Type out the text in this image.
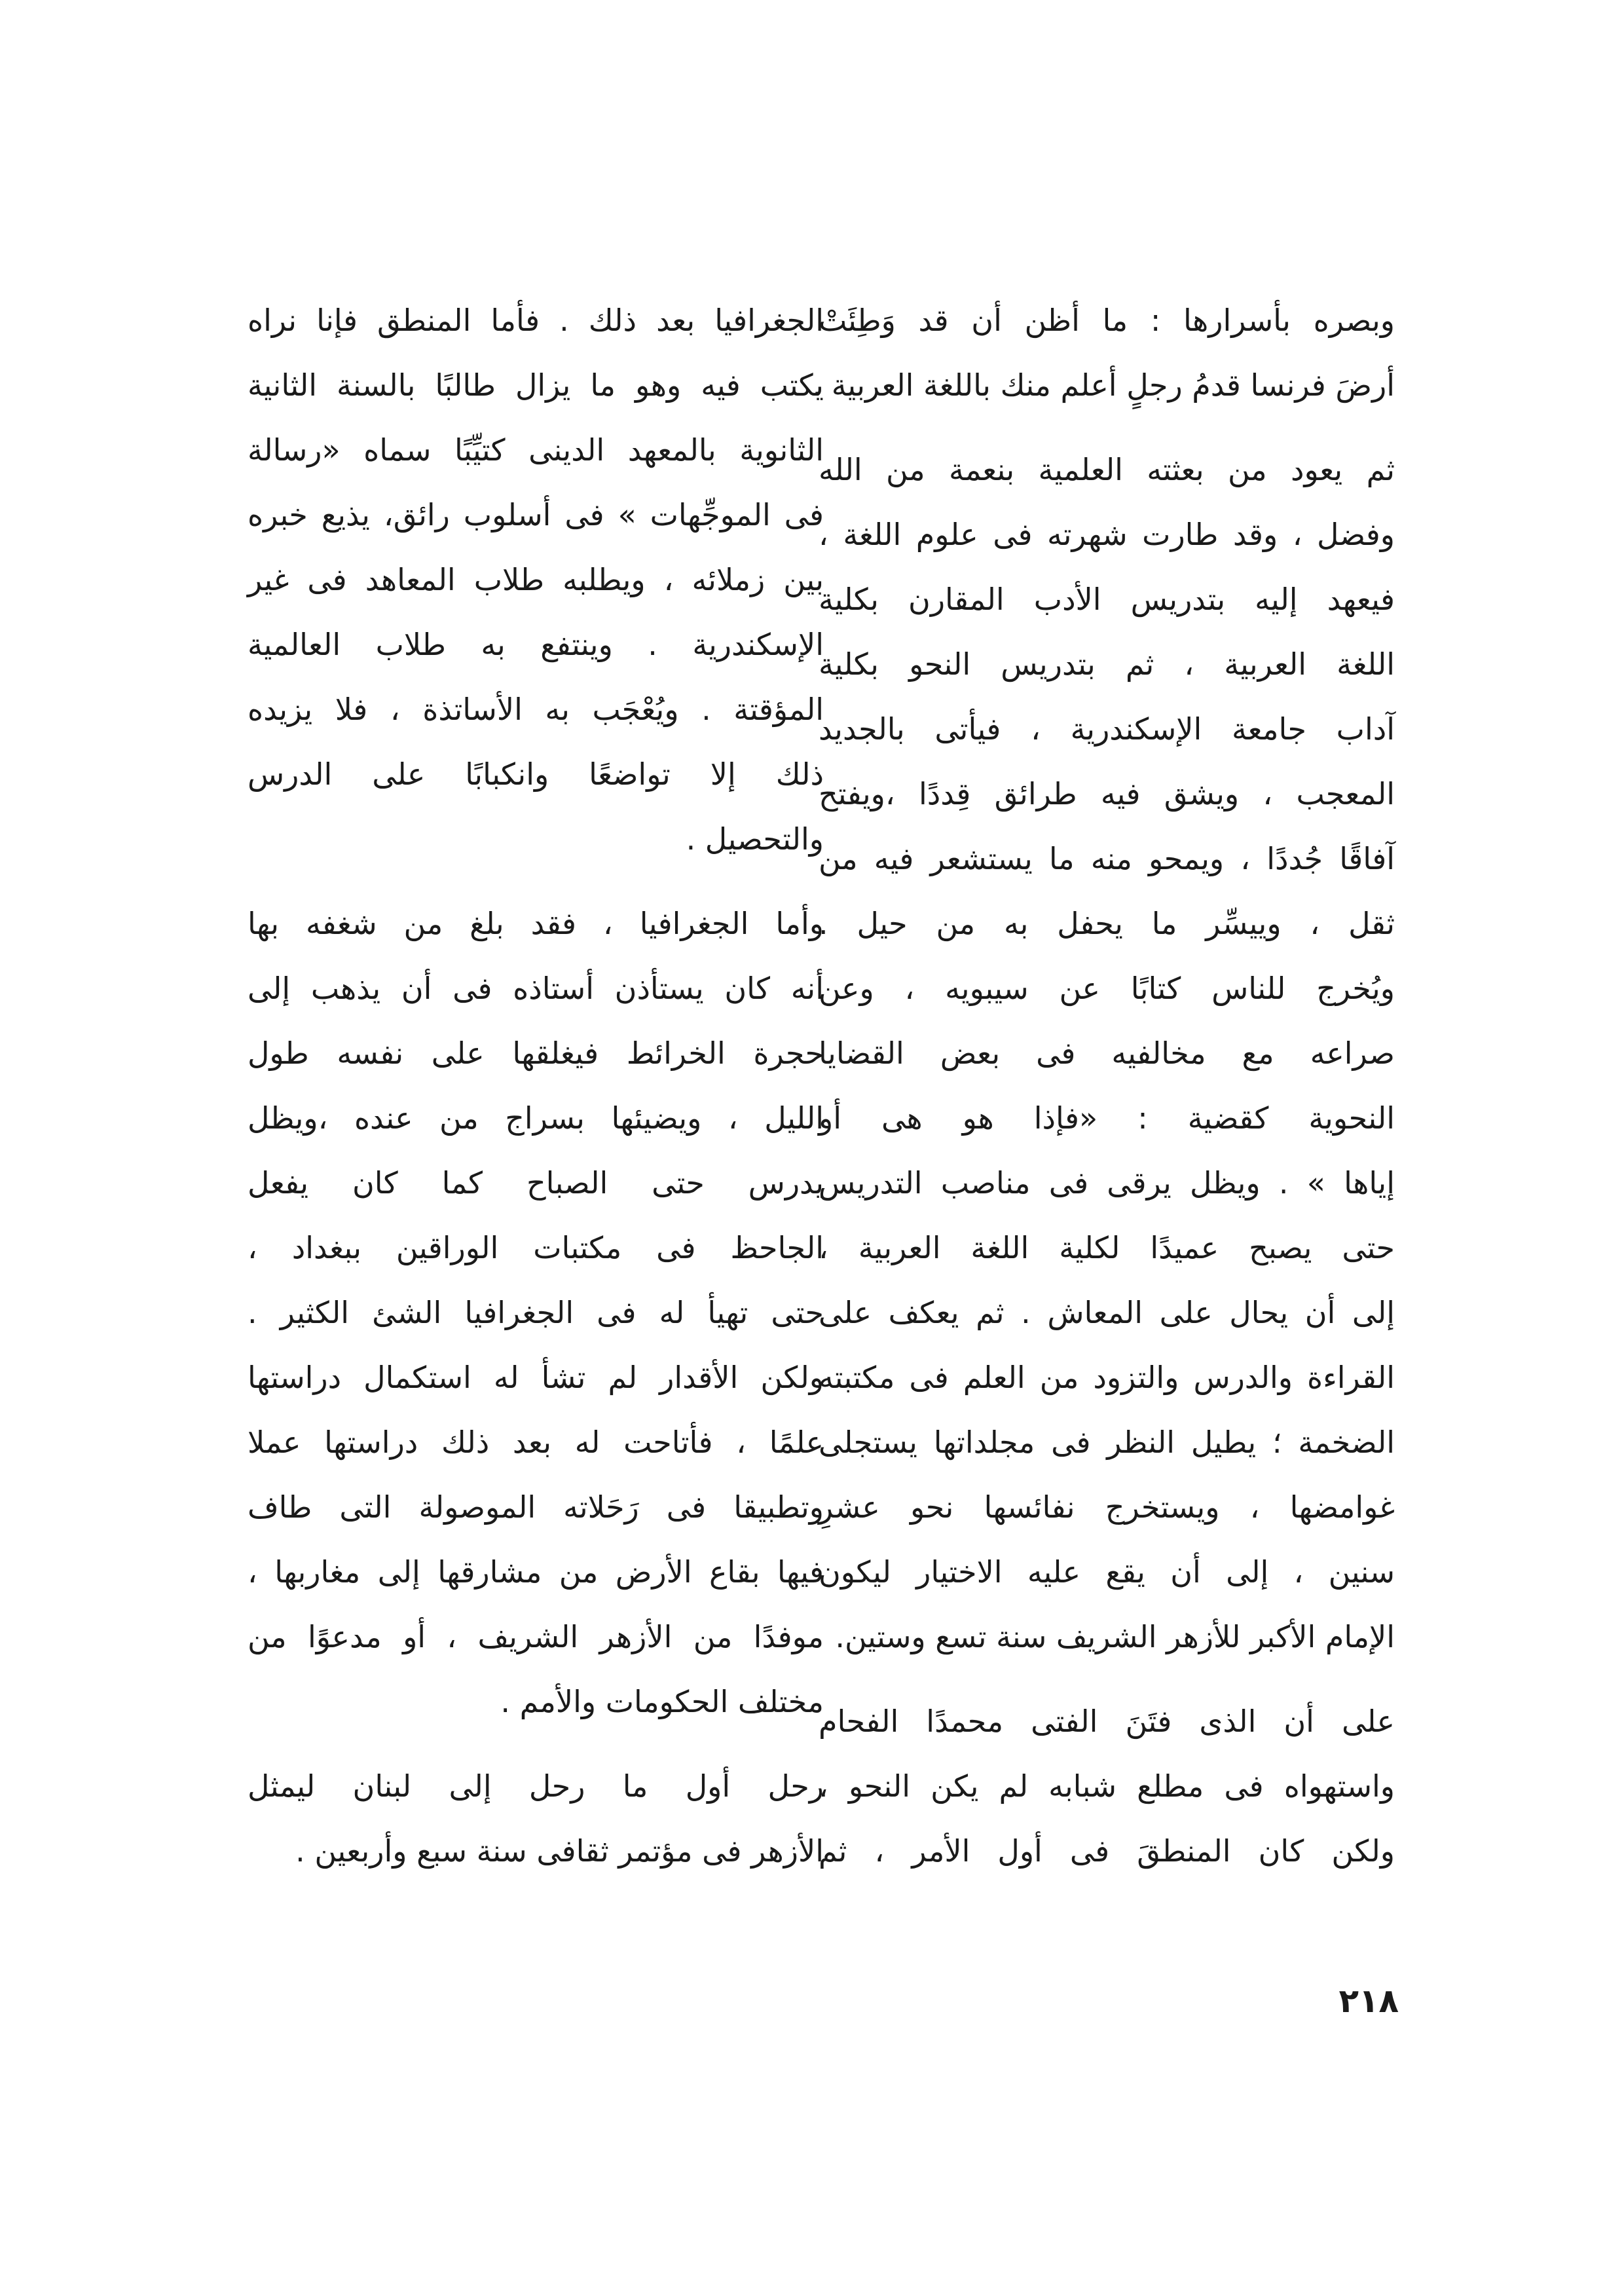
وبصره بأسرارها : ما أظن أن قد وَطِئَتْ
أرضَ فرنسا قدمُ رجلٍ أعلم منك باللغة العربية .
ثم يعود من بعثته العلمية بنعمة من الله
وفضل ، وقد طارت شهرته فى علوم اللغة ،
فيعهد إليه بتدريس الأدب المقارن بكلية
اللغة العربية ، ثم بتدريس النحو بكلية
آداب جامعة الإسكندرية ، فيأتى بالجديد
المعجب ، ويشق فيه طرائق قِددًا ،ويفتح
آفاقًا جُددًا ، ويمحو منه ما يستشعر فيه من
ثقل ، وييسِّر ما يحفل به من حيل .
ويُخرج للناس كتابًا عن سيبويه ، وعن
صراعه مع مخالفيه فى بعض القضايا
النحوية كقضية : «فإذا هو هى أو
إياها » . ويظل يرقى فى مناصب التدريس
حتى يصبح عميدًا لكلية اللغة العربية ،
إلى أن يحال على المعاش . ثم يعكف على
القراءة والدرس والتزود من العلم فى مكتبته
الضخمة ؛ يطيل النظر فى مجلداتها يستجلى
غوامضها ، ويستخرج نفائسها نحو عشرِ
سنين ، إلى أن يقع عليه الاختيار ليكون
الإمام الأكبر للأزهر الشريف سنة تسع وستين.
على أن الذى فتَنَ الفتى محمدًا الفحام
واستهواه فى مطلع شبابه لم يكن النحو ،
ولكن كان المنطقَ فى أول الأمر ، ثم
الجغرافيا بعد ذلك . فأما المنطق فإنا نراه
يكتب فيه وهو ما يزال طالبًا بالسنة الثانية
الثانوية بالمعهد الدينى كتيِّبًا سماه «رسالة
فى الموجِّهات » فى أسلوب رائق، يذيع خبره
بين زملائه ، ويطلبه طلاب المعاهد فى غير
الإسكندرية . وينتفع به طلاب العالمية
المؤقتة . ويُعْجَب به الأساتذة ، فلا يزيده
ذلك إلا تواضعًا وانكبابًا على الدرس
والتحصيل .
وأما الجغرافيا ، فقد بلغ من شغفه بها
أنه كان يستأذن أستاذه فى أن يذهب إلى
حجرة الخرائط فيغلقها على نفسه طول
الليل ، ويضيئها بسراج من عنده ،ويظل
يدرس حتى الصباح كما كان يفعل
الجاحظ فى مكتبات الوراقين ببغداد ،
حتى تهيأ له فى الجغرافيا الشئ الكثير .
ولكن الأقدار لم تشأ له استكمال دراستها
علمًا ، فأتاحت له بعد ذلك دراستها عملا
وتطبيقا فى رَحَلاته الموصولة التى طاف
فيها بقاع الأرض من مشارقها إلى مغاربها ،
موفدًا من الأزهر الشريف ، أو مدعوًا من
مختلف الحكومات والأمم .
رحل أول ما رحل إلى لبنان ليمثل
الأزهر فى مؤتمر ثقافى سنة سبع وأربعين .
٢١٨
